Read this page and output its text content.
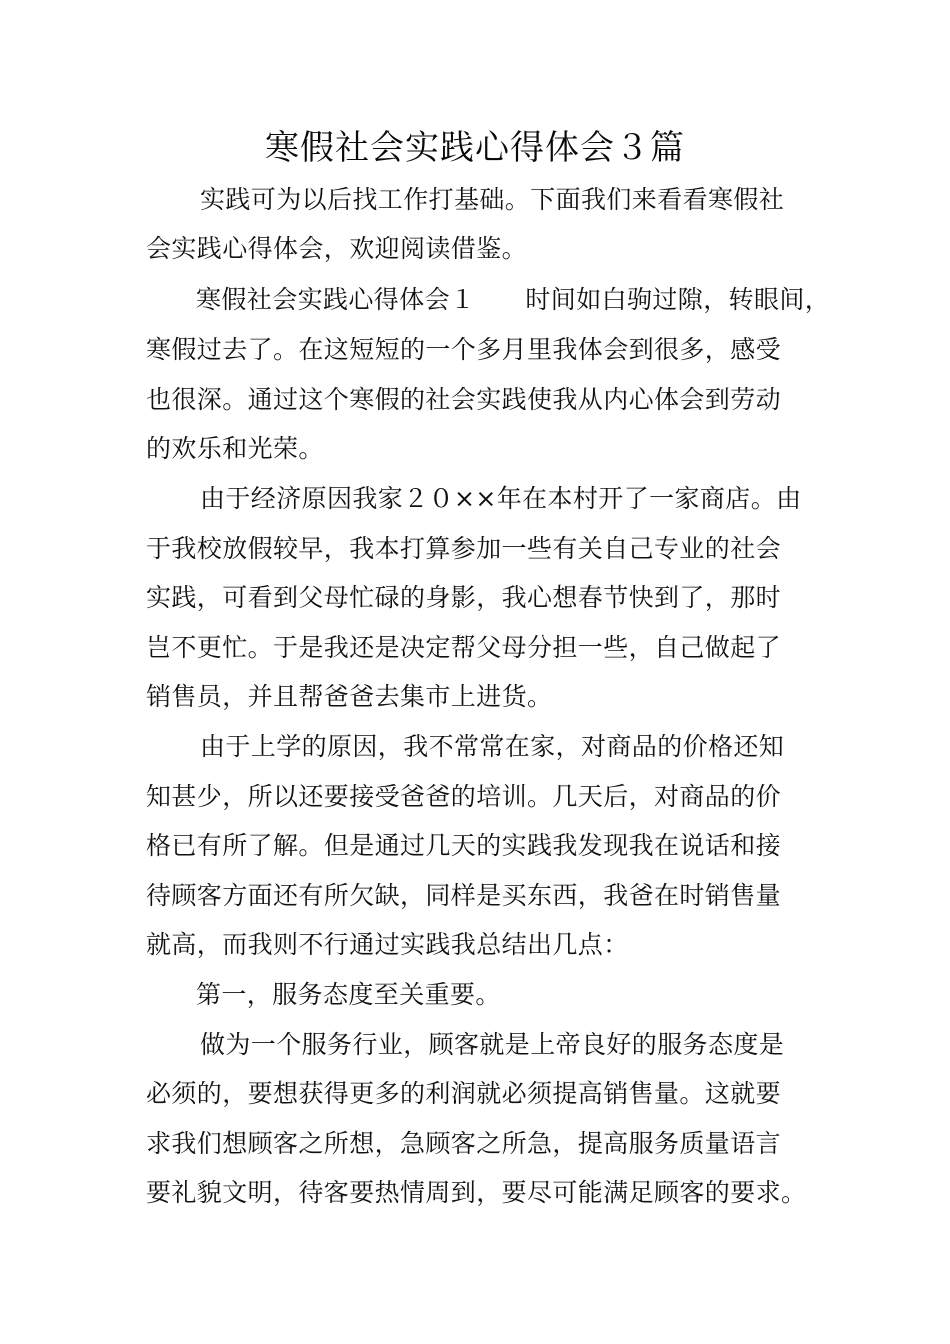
寒假社会实践心得体会３篇
实践可为以后找工作打基础。下面我们来看看寒假社
会实践心得体会，欢迎阅读借鉴。
寒假社会实践心得体会１ 时间如白驹过隙，转眼间，
寒假过去了。在这短短的一个多月里我体会到很多，感受
也很深。通过这个寒假的社会实践使我从内心体会到劳动
的欢乐和光荣。
由于经济原因我家２０××年在本村开了一家商店。由
于我校放假较早，我本打算参加一些有关自己专业的社会
实践，可看到父母忙碌的身影，我心想春节快到了，那时
岂不更忙。于是我还是决定帮父母分担一些，自己做起了
销售员，并且帮爸爸去集市上进货。
由于上学的原因，我不常常在家，对商品的价格还知
知甚少，所以还要接受爸爸的培训。几天后，对商品的价
格已有所了解。但是通过几天的实践我发现我在说话和接
待顾客方面还有所欠缺，同样是买东西，我爸在时销售量
就高，而我则不行通过实践我总结出几点：
第一，服务态度至关重要。
做为一个服务行业，顾客就是上帝良好的服务态度是
必须的，要想获得更多的利润就必须提高销售量。这就要
求我们想顾客之所想，急顾客之所急，提高服务质量语言
要礼貌文明，待客要热情周到，要尽可能满足顾客的要求。
